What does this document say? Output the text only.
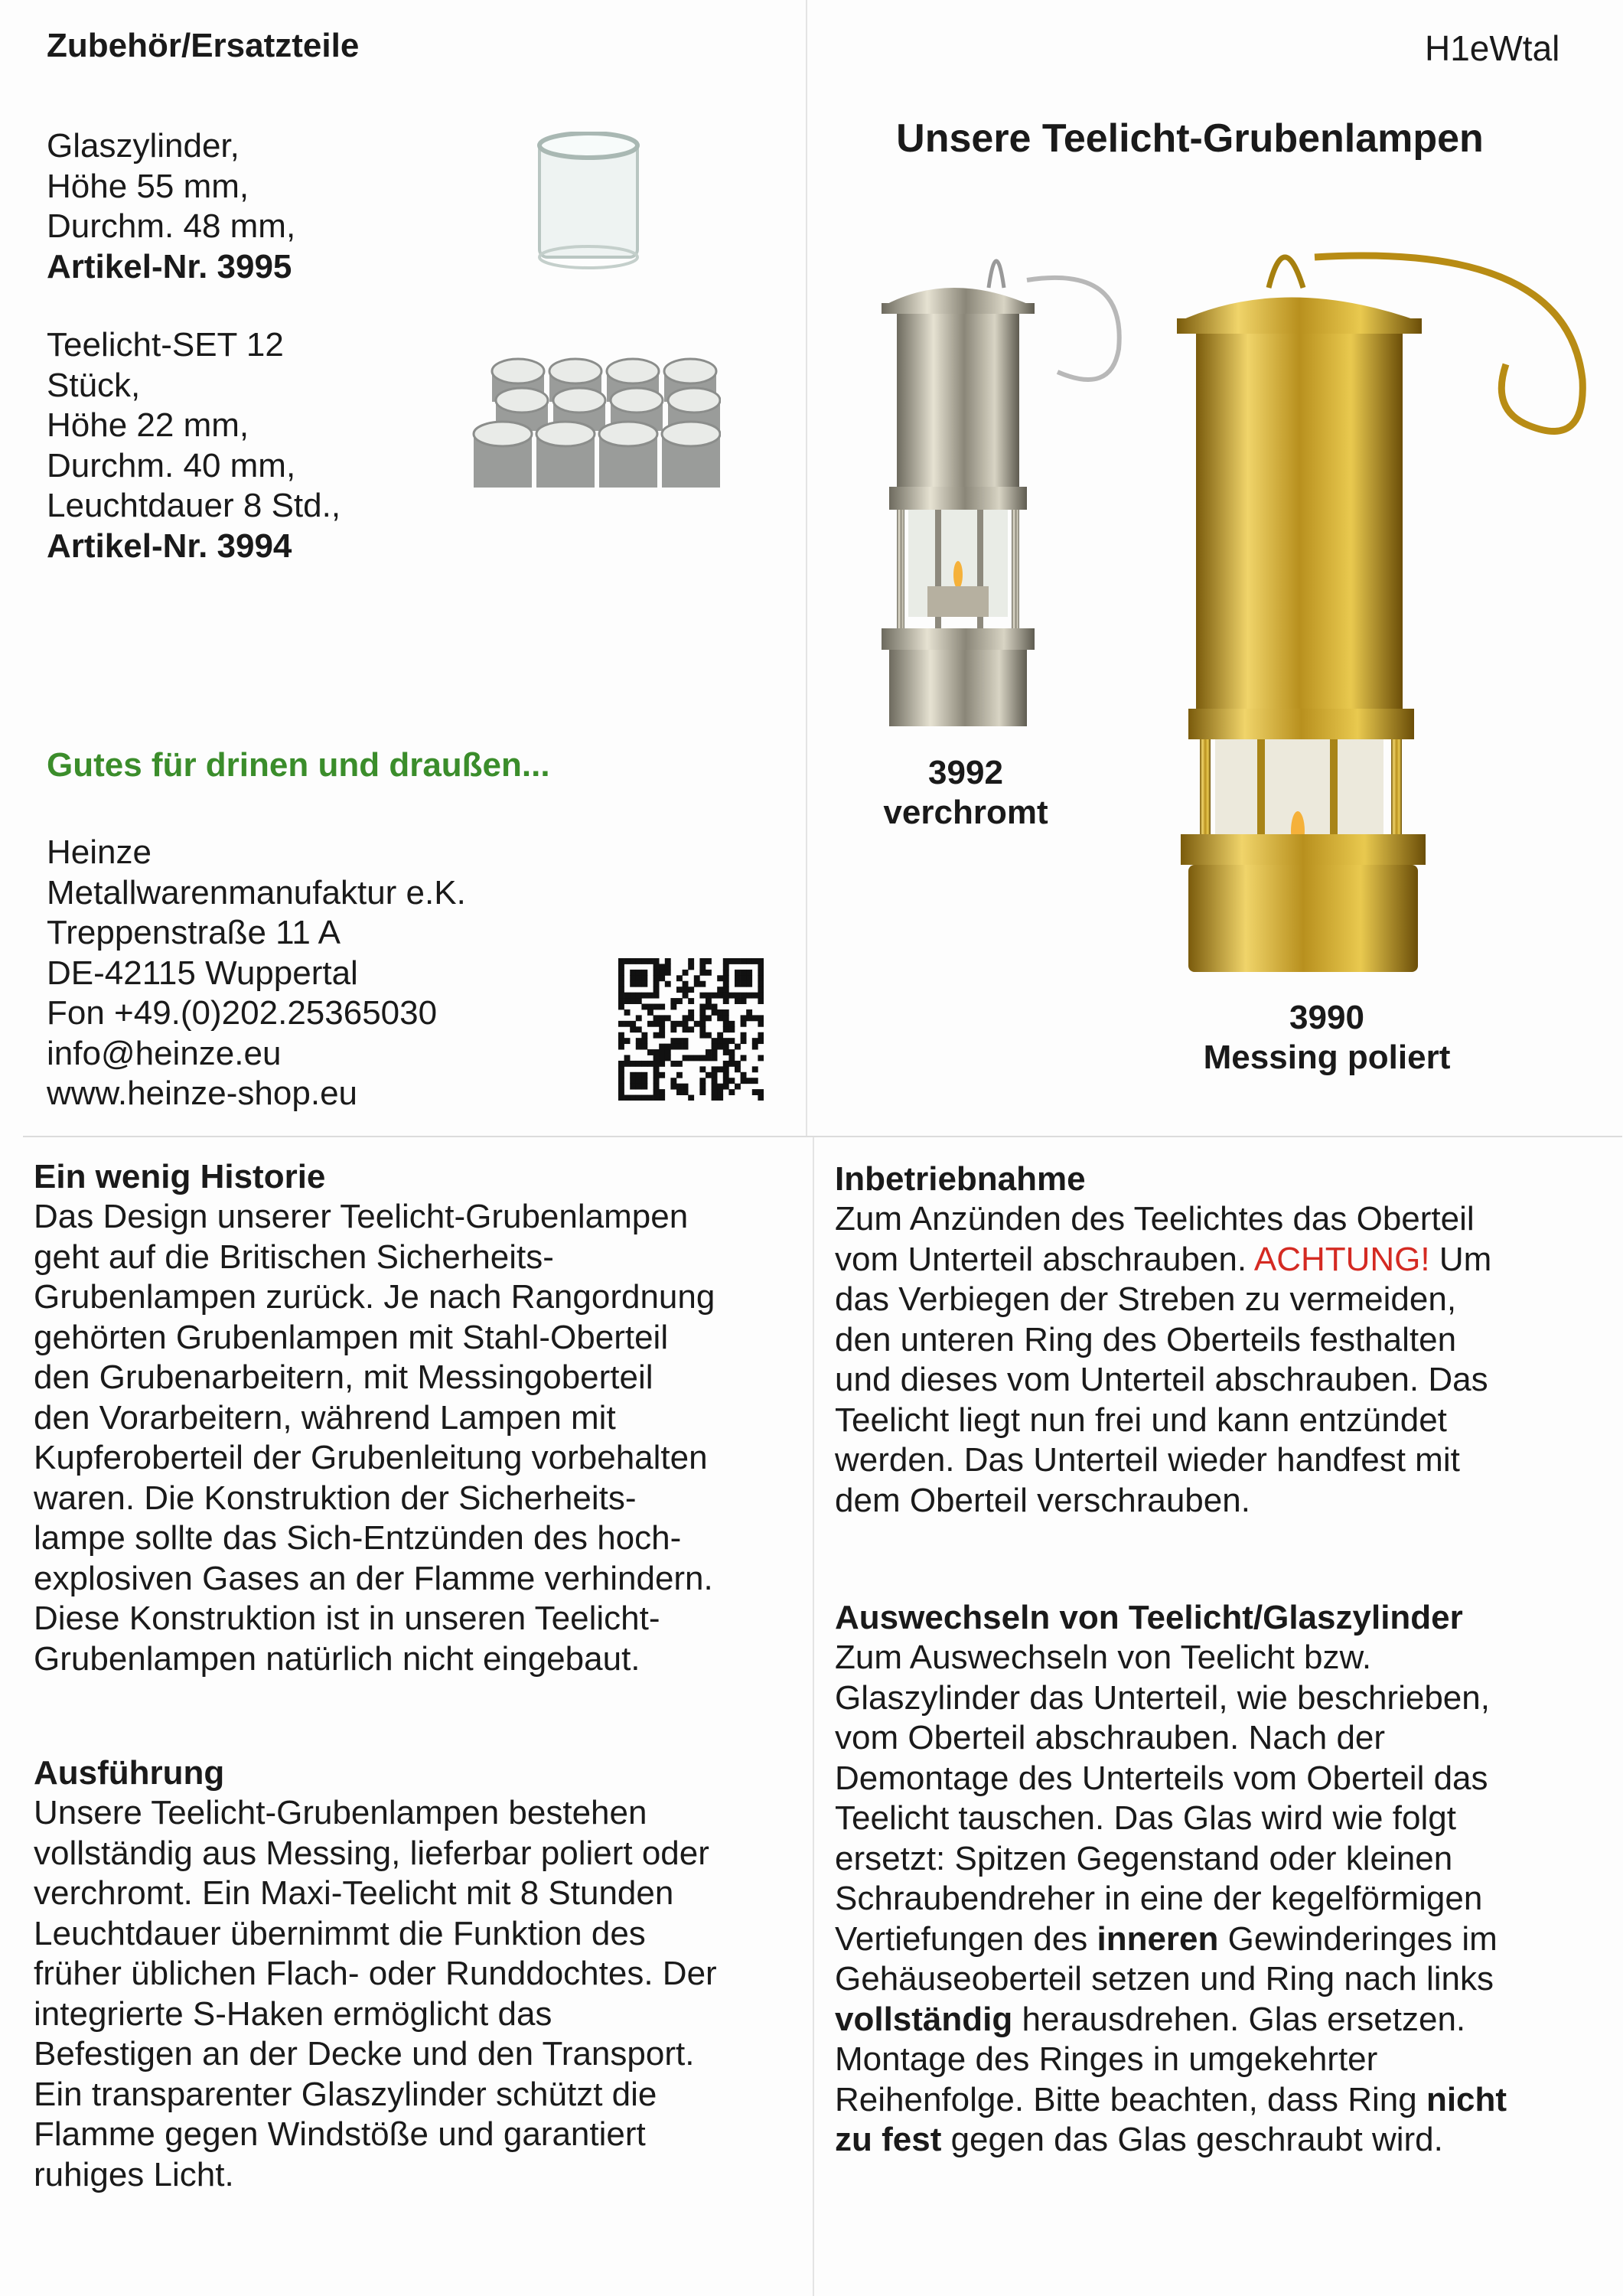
Zubehör/Ersatzteile	H1eWtal
Glaszylinder,
Höhe 55 mm,
Durchm. 48 mm,
Artikel-Nr. 3995
Teelicht-SET 12
Stück,
Höhe 22 mm,
Durchm. 40 mm,
Leuchtdauer 8 Std.,
Artikel-Nr. 3994
Gutes für drinen und draußen...
Heinze
Metallwarenmanufaktur e.K.
Treppenstraße 11 A
DE-42115 Wuppertal
Fon +49.(0)202.25365030
info@heinze.eu
www.heinze-shop.eu
Unsere Teelicht-Grubenlampen
3992
verchromt
3990
Messing poliert
Ein wenig Historie
Das Design unserer Teelicht-Grubenlampen
geht auf die Britischen Sicherheits-
Grubenlampen zurück. Je nach Rangordnung
gehörten Grubenlampen mit Stahl-Oberteil
den Grubenarbeitern, mit Messingoberteil
den Vorarbeitern, während Lampen mit
Kupferoberteil der Grubenleitung vorbehalten
waren. Die Konstruktion der Sicherheits-
lampe sollte das Sich-Entzünden des hoch-
explosiven Gases an der Flamme verhindern.
Diese Konstruktion ist in unseren Teelicht-
Grubenlampen natürlich nicht eingebaut.
Ausführung
Unsere Teelicht-Grubenlampen bestehen
vollständig aus Messing, lieferbar poliert oder
verchromt. Ein Maxi-Teelicht mit 8 Stunden
Leuchtdauer übernimmt die Funktion des
früher üblichen Flach- oder Runddochtes. Der
integrierte S-Haken ermöglicht das
Befestigen an der Decke und den Transport.
Ein transparenter Glaszylinder schützt die
Flamme gegen Windstöße und garantiert
ruhiges Licht.
Inbetriebnahme
Zum Anzünden des Teelichtes das Oberteil
vom Unterteil abschrauben. ACHTUNG! Um
das Verbiegen der Streben zu vermeiden,
den unteren Ring des Oberteils festhalten
und dieses vom Unterteil abschrauben. Das
Teelicht liegt nun frei und kann entzündet
werden. Das Unterteil wieder handfest mit
dem Oberteil verschrauben.
Auswechseln von Teelicht/Glaszylinder
Zum Auswechseln von Teelicht bzw.
Glaszylinder das Unterteil, wie beschrieben,
vom Oberteil abschrauben. Nach der
Demontage des Unterteils vom Oberteil das
Teelicht tauschen. Das Glas wird wie folgt
ersetzt: Spitzen Gegenstand oder kleinen
Schraubendreher in eine der kegelförmigen
Vertiefungen des inneren Gewinderinges im
Gehäuseoberteil setzen und Ring nach links
vollständig herausdrehen. Glas ersetzen.
Montage des Ringes in umgekehrter
Reihenfolge. Bitte beachten, dass Ring nicht
zu fest gegen das Glas geschraubt wird.
